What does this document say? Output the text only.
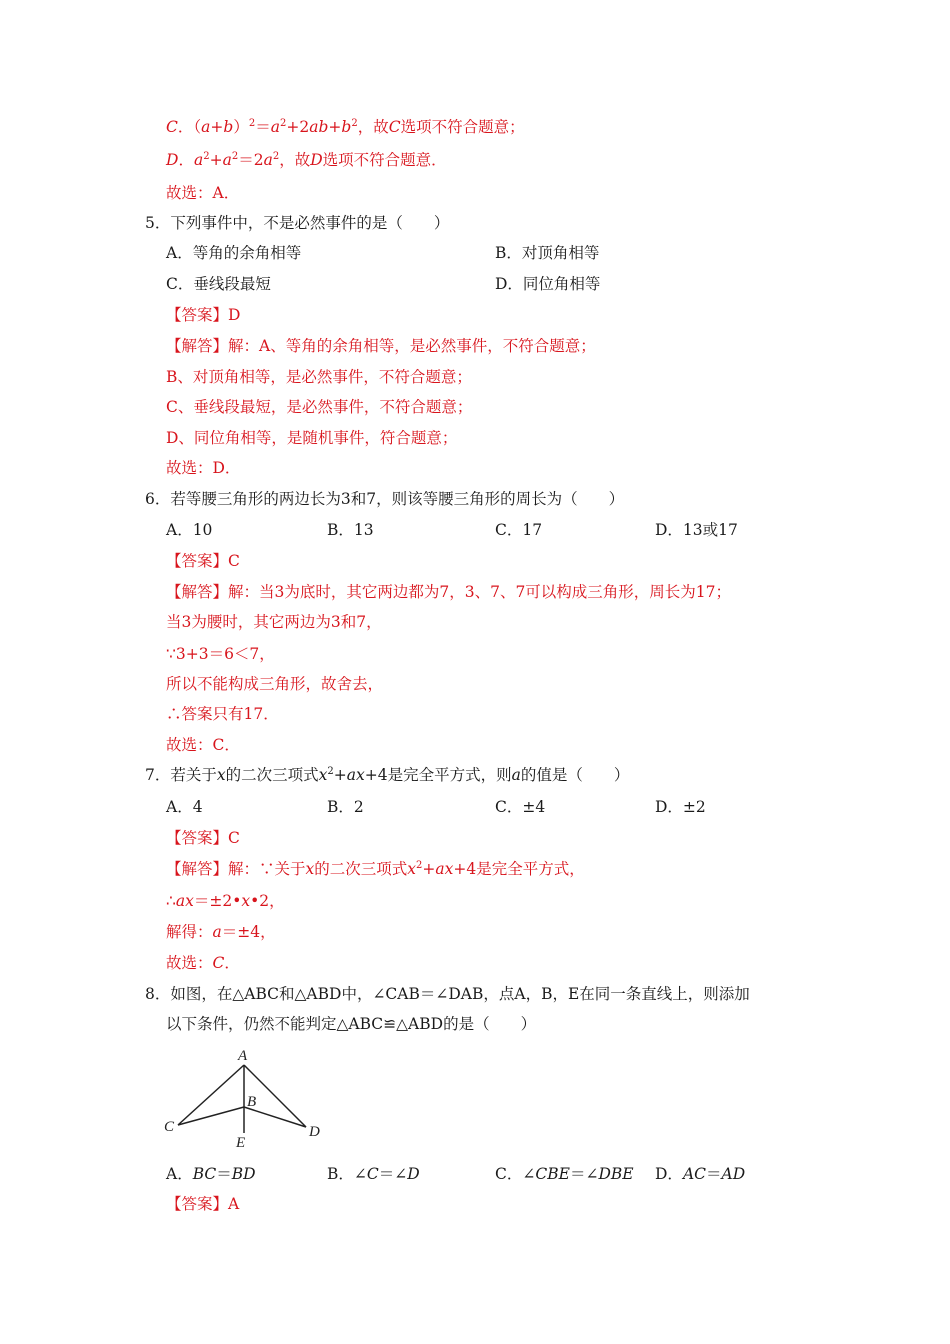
C．$(a+b)^2=a^2+2ab+b^2$，故C选项不符合题意；
D．$a^2+a^2=2a^2$，故D选项不符合题意．
故选：A．
5．下列事件中，不是必然事件的是（　　）
A．等角的余角相等	B．对顶角相等
C．垂线段最短	D．同位角相等
【答案】D
【解答】解：A、等角的余角相等，是必然事件，不符合题意；
B、对顶角相等，是必然事件，不符合题意；
C、垂线段最短，是必然事件，不符合题意；
D、同位角相等，是随机事件，符合题意；
故选：D．
6．若等腰三角形的两边长为3和7，则该等腰三角形的周长为（　　）
A．10	B．13	C．17	D．13或17
【答案】C
【解答】解：当3为底时，其它两边都为7，3、7、7可以构成三角形，周长为17；
当3为腰时，其它两边为3和7，
∵3+3＝6＜7，
所以不能构成三角形，故舍去，
∴答案只有17．
故选：C．
7．若关于x的二次三项式$x^2+ax+4$是完全平方式，则a的值是（　　）
A．4	B．2	C．±4	D．±2
【答案】C
【解答】解：∵关于x的二次三项式$x^2+ax+4$是完全平方式，
∴ax＝±2•x•2，
解得：a＝±4，
故选：C．
8．如图，在△ABC和△ABD中，∠CAB＝∠DAB，点A，B，E在同一条直线上，则添加
以下条件，仍然不能判定△ABC≌△ABD的是（　　）
A
B
C	D
E
A．BC＝BD	B．∠C＝∠D	C．∠CBE＝∠DBE D．AC＝AD
【答案】A
